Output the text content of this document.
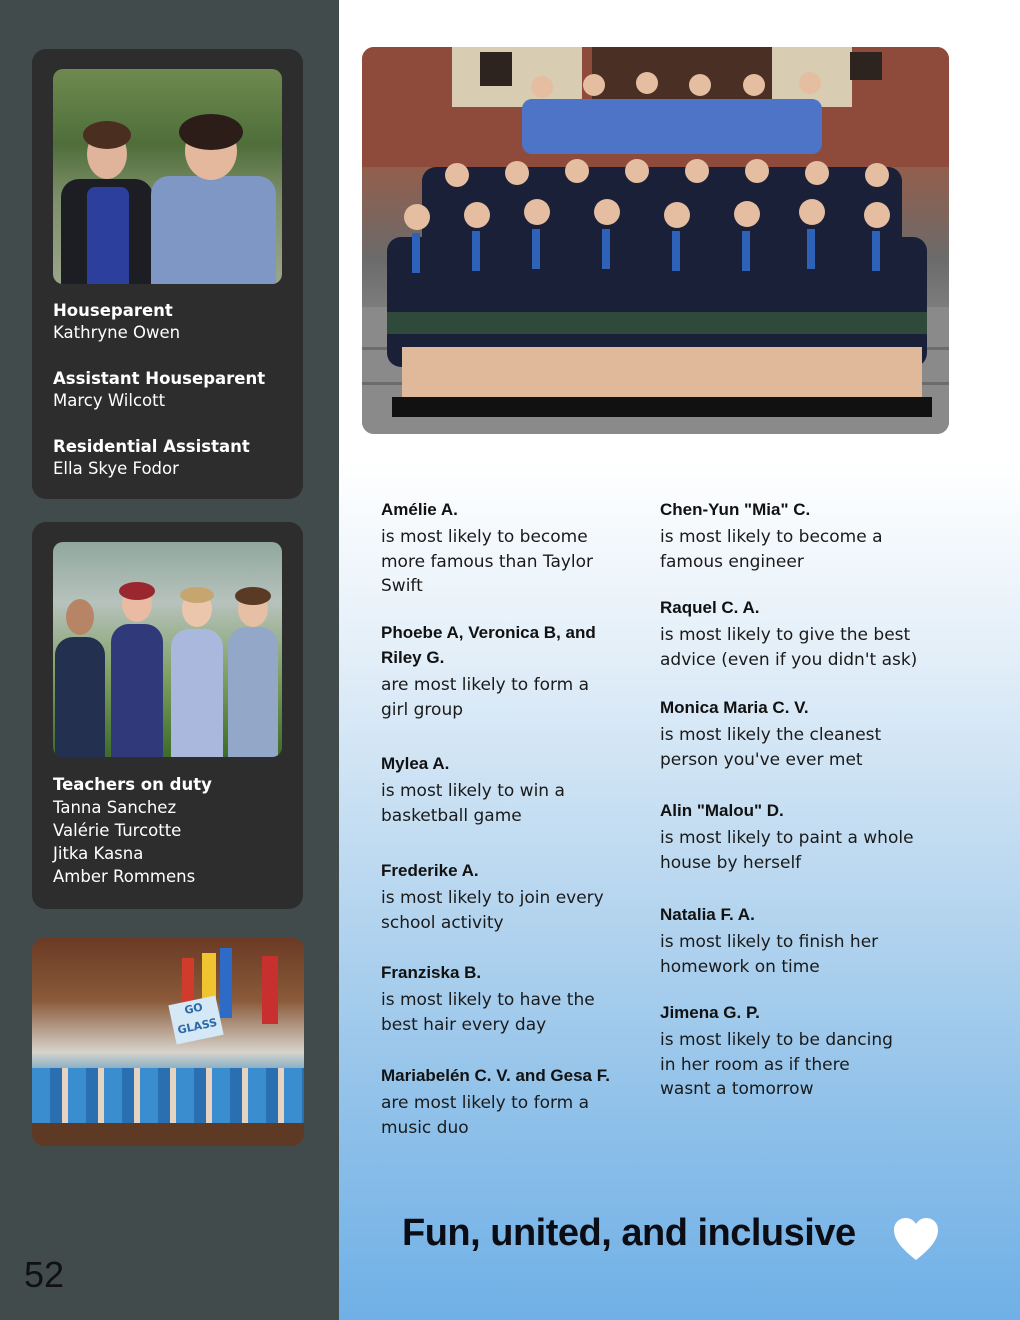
Houseparent

Kathryne Owen

Assistant Houseparent

Marcy Wilcott

Residential Assistant

Ella Skye Fodor

Teachers on duty

Tanna Sanchez
Valérie Turcotte
Jitka Kasna
Amber Rommens
GO GLASS
52
Amélie A.
is most likely to become more famous than Taylor Swift
Phoebe A, Veronica B, and Riley G.
are most likely to form a girl group
Mylea A.
is most likely to win a basketball game
Frederike A.
is most likely to join every school activity
Franziska B.
is most likely to have the best hair every day
Mariabelén C. V. and Gesa F.
are most likely to form a music duo
Chen-Yun "Mia" C.
is most likely to become a famous engineer
Raquel C. A.
is most likely to give the best advice (even if you didn't ask)
Monica Maria C. V.
is most likely the cleanest person you've ever met
Alin "Malou" D.
is most likely to paint a whole house by herself
Natalia F. A.
is most likely to finish her homework on time
Jimena G. P.
is most likely to be dancing in her room as if there wasnt a tomorrow
Fun, united, and inclusive
